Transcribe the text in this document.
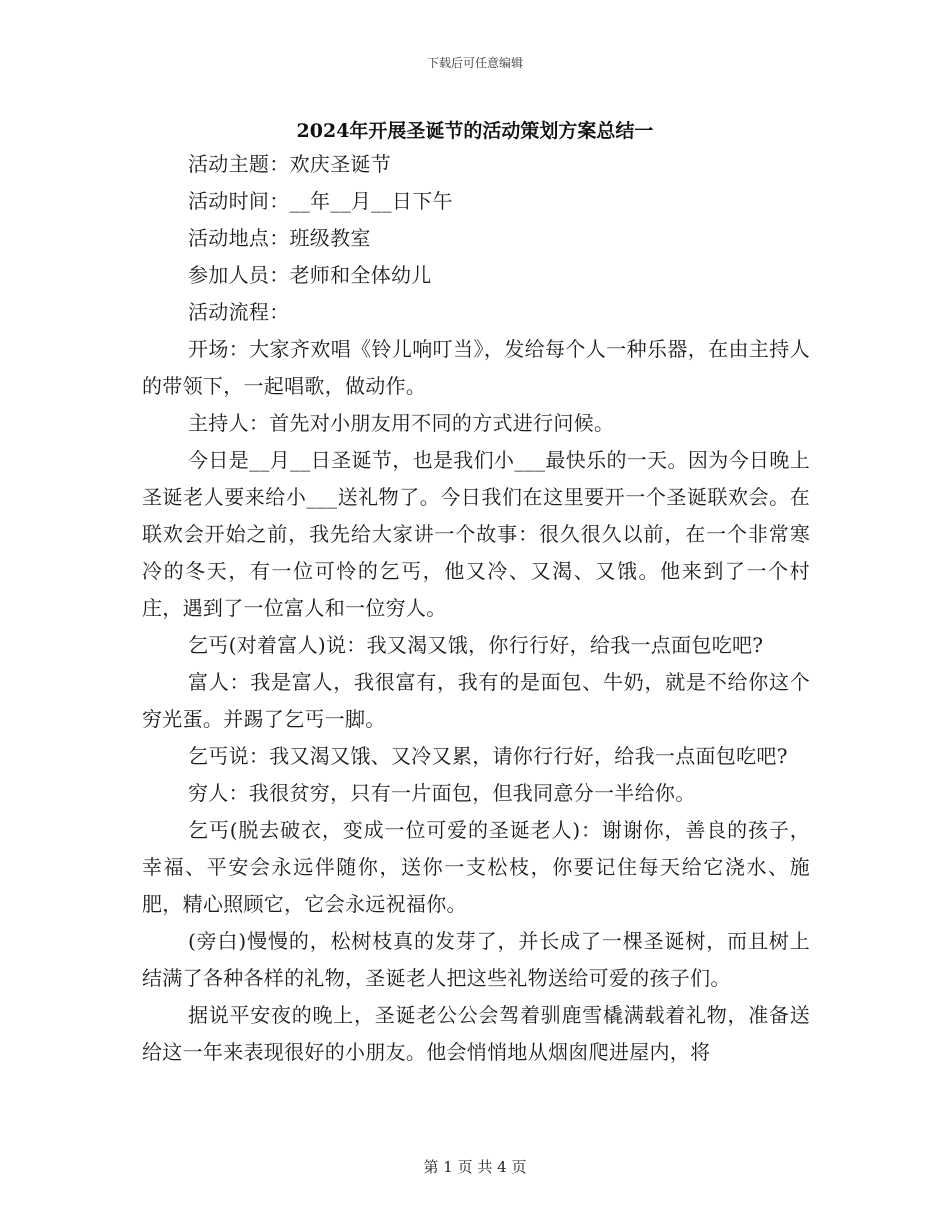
下载后可任意编辑
2024年开展圣诞节的活动策划方案总结一

活动主题：欢庆圣诞节

活动时间：__年__月__日下午

活动地点：班级教室

参加人员：老师和全体幼儿

活动流程：

开场：大家齐欢唱《铃儿响叮当》，发给每个人一种乐器，在由主持人的带领下，一起唱歌，做动作。

主持人：首先对小朋友用不同的方式进行问候。

今日是__月__日圣诞节，也是我们小___最快乐的一天。因为今日晚上圣诞老人要来给小___送礼物了。今日我们在这里要开一个圣诞联欢会。在联欢会开始之前，我先给大家讲一个故事：很久很久以前，在一个非常寒冷的冬天，有一位可怜的乞丐，他又冷、又渴、又饿。他来到了一个村庄，遇到了一位富人和一位穷人。

乞丐(对着富人)说：我又渴又饿，你行行好，给我一点面包吃吧?

富人：我是富人，我很富有，我有的是面包、牛奶，就是不给你这个穷光蛋。并踢了乞丐一脚。

乞丐说：我又渴又饿、又冷又累，请你行行好，给我一点面包吃吧?

穷人：我很贫穷，只有一片面包，但我同意分一半给你。

乞丐(脱去破衣，变成一位可爱的圣诞老人)：谢谢你，善良的孩子，幸福、平安会永远伴随你，送你一支松枝，你要记住每天给它浇水、施肥，精心照顾它，它会永远祝福你。

(旁白)慢慢的，松树枝真的发芽了，并长成了一棵圣诞树，而且树上结满了各种各样的礼物，圣诞老人把这些礼物送给可爱的孩子们。

据说平安夜的晚上，圣诞老公公会驾着驯鹿雪橇满载着礼物，准备送给这一年来表现很好的小朋友。他会悄悄地从烟囱爬进屋内，将

第 1 页 共 4 页
